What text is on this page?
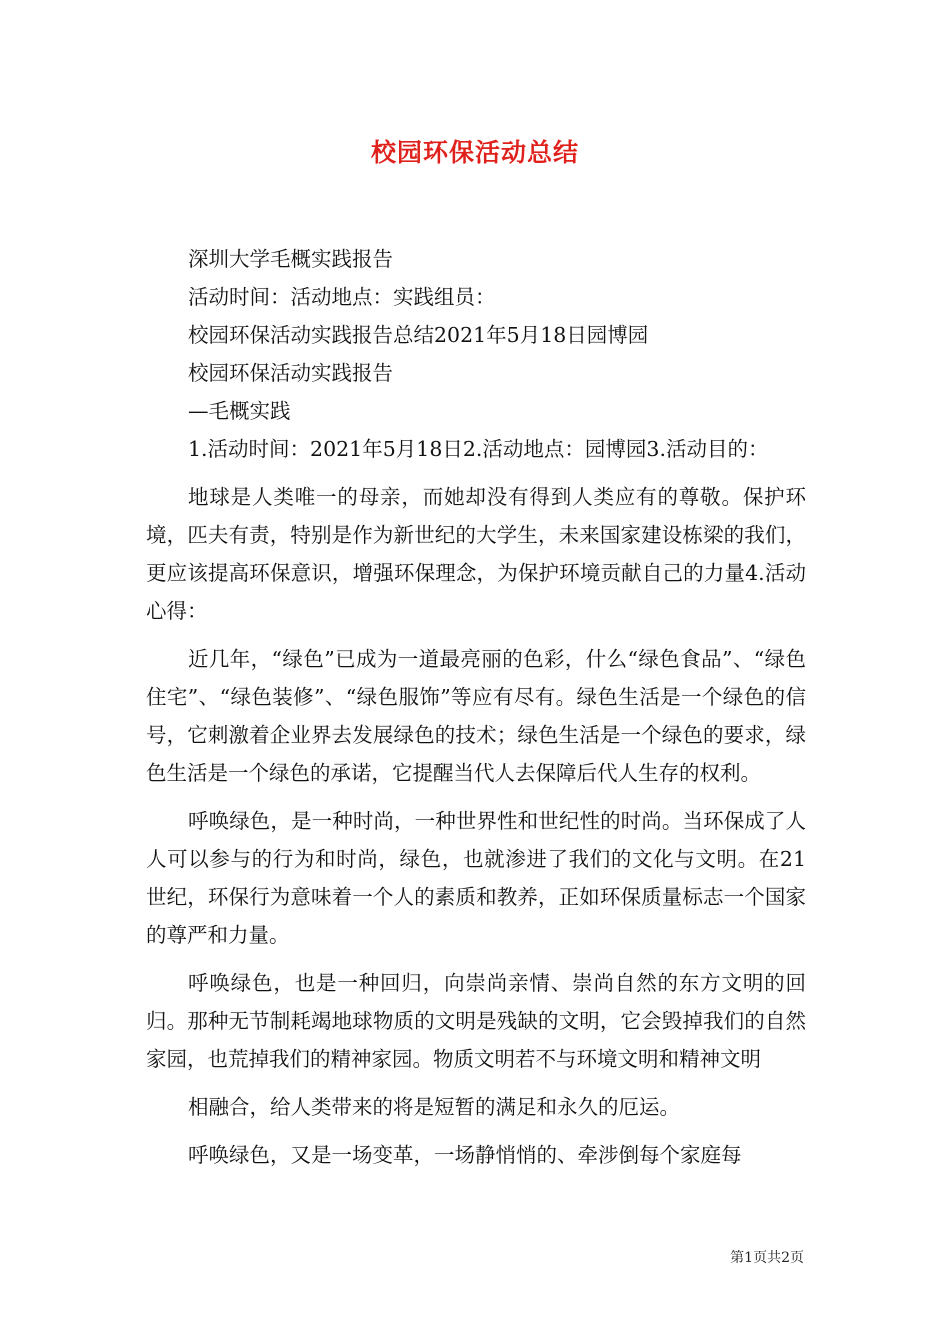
校园环保活动总结

深圳大学毛概实践报告

活动时间：活动地点：实践组员：

校园环保活动实践报告总结2021年5月18日园博园

校园环保活动实践报告

—毛概实践

1.活动时间：2021年5月18日2.活动地点：园博园3.活动目的：

地球是人类唯一的母亲，而她却没有得到人类应有的尊敬。保护环境，匹夫有责，特别是作为新世纪的大学生，未来国家建设栋梁的我们，更应该提高环保意识，增强环保理念，为保护环境贡献自己的力量4.活动心得：

近几年，“绿色”已成为一道最亮丽的色彩，什么“绿色食品”、“绿色住宅”、“绿色装修”、“绿色服饰”等应有尽有。绿色生活是一个绿色的信号，它刺激着企业界去发展绿色的技术；绿色生活是一个绿色的要求，绿色生活是一个绿色的承诺，它提醒当代人去保障后代人生存的权利。

呼唤绿色，是一种时尚，一种世界性和世纪性的时尚。当环保成了人人可以参与的行为和时尚，绿色，也就渗进了我们的文化与文明。在21世纪，环保行为意味着一个人的素质和教养，正如环保质量标志一个国家的尊严和力量。

呼唤绿色，也是一种回归，向崇尚亲情、崇尚自然的东方文明的回归。那种无节制耗竭地球物质的文明是残缺的文明，它会毁掉我们的自然家园，也荒掉我们的精神家园。物质文明若不与环境文明和精神文明

相融合，给人类带来的将是短暂的满足和永久的厄运。

呼唤绿色，又是一场变革，一场静悄悄的、牵涉倒每个家庭每

第1页共2页
